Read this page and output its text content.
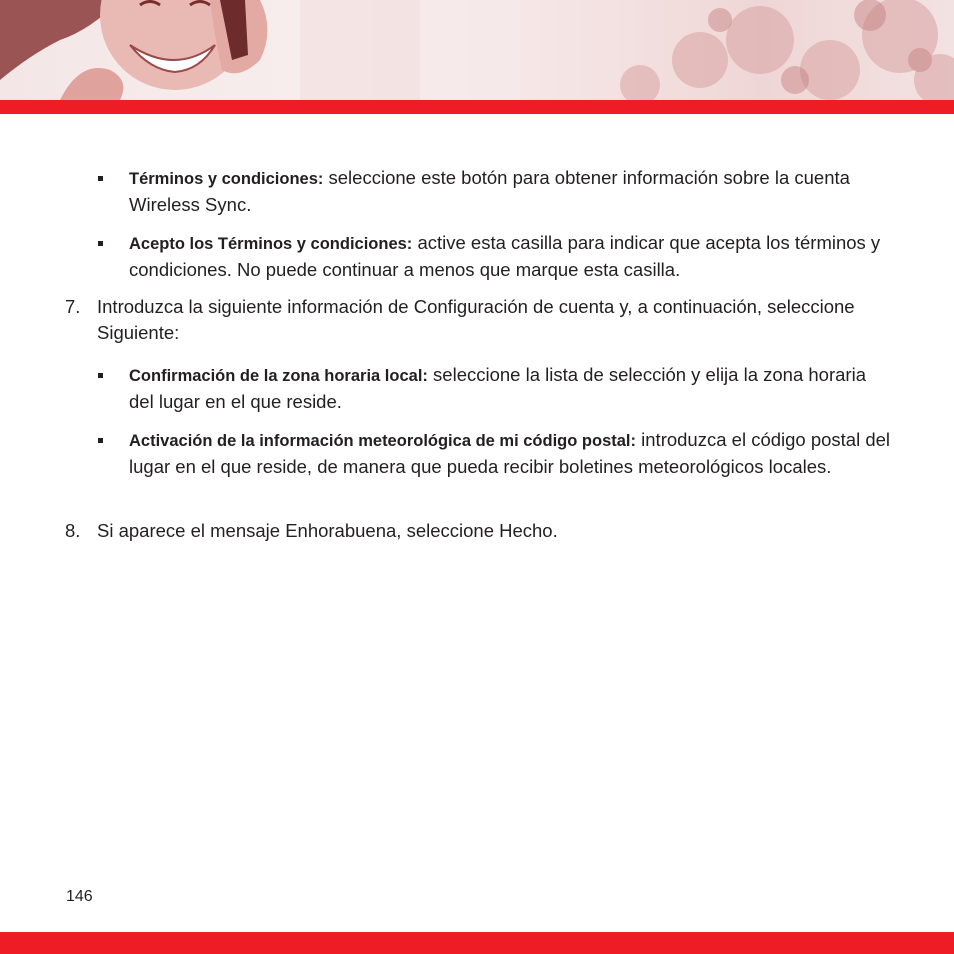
Términos y condiciones: seleccione este botón para obtener información sobre la cuenta Wireless Sync.
Acepto los Términos y condiciones: active esta casilla para indicar que acepta los términos y condiciones. No puede continuar a menos que marque esta casilla.
7. Introduzca la siguiente información de Configuración de cuenta y, a continuación, seleccione Siguiente:
Confirmación de la zona horaria local: seleccione la lista de selección y elija la zona horaria del lugar en el que reside.
Activación de la información meteorológica de mi código postal: introduzca el código postal del lugar en el que reside, de manera que pueda recibir boletines meteorológicos locales.
8. Si aparece el mensaje Enhorabuena, seleccione Hecho.
146
